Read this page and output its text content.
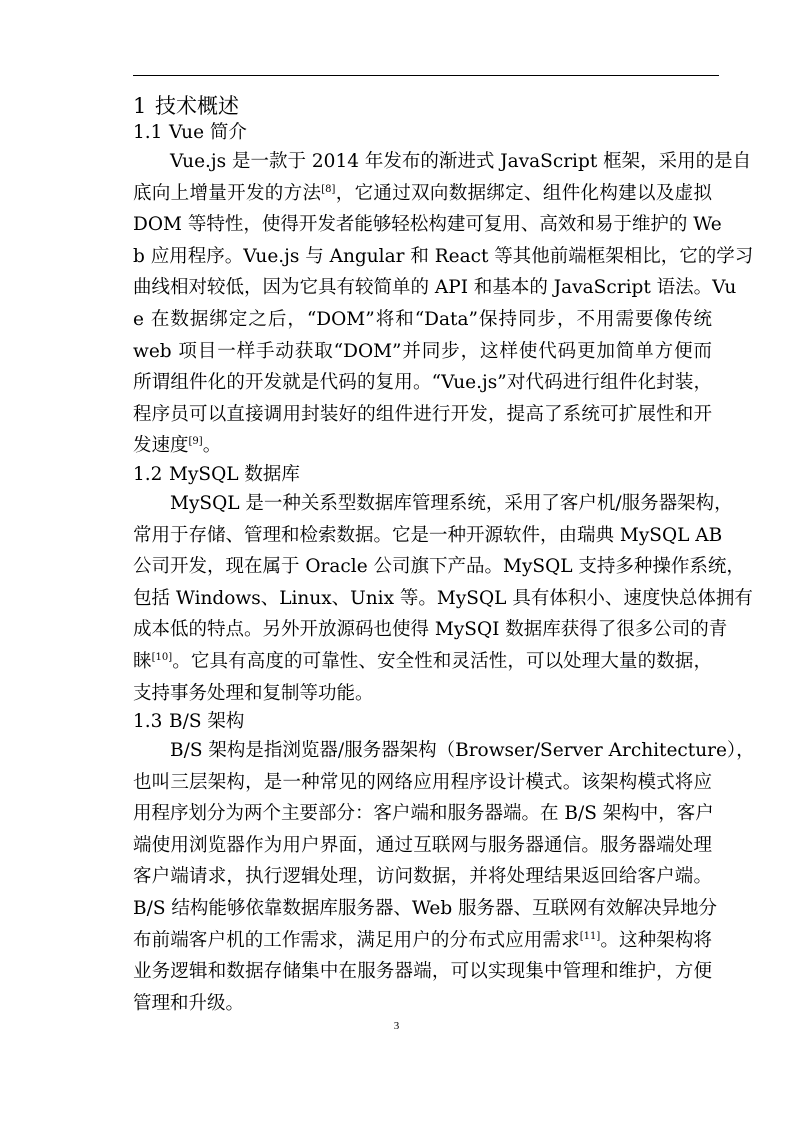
1 技术概述
1.1 Vue 简介
Vue.js 是一款于 2014 年发布的渐进式 JavaScript 框架，采用的是自
底向上增量开发的方法[8]，它通过双向数据绑定、组件化构建以及虚拟
DOM 等特性，使得开发者能够轻松构建可复用、高效和易于维护的 We
b 应用程序。Vue.js 与 Angular 和 React 等其他前端框架相比，它的学习
曲线相对较低，因为它具有较简单的 API 和基本的 JavaScript 语法。Vu
e 在数据绑定之后，“DOM”将和“Data”保持同步，不用需要像传统
web 项目一样手动获取“DOM”并同步，这样使代码更加简单方便而
所谓组件化的开发就是代码的复用。“Vue.js”对代码进行组件化封装，
程序员可以直接调用封装好的组件进行开发，提高了系统可扩展性和开
发速度[9]。
1.2 MySQL 数据库
MySQL 是一种关系型数据库管理系统，采用了客户机/服务器架构，
常用于存储、管理和检索数据。它是一种开源软件，由瑞典 MySQL AB
公司开发，现在属于 Oracle 公司旗下产品。MySQL 支持多种操作系统，
包括 Windows、Linux、Unix 等。MySQL 具有体积小、速度快总体拥有
成本低的特点。另外开放源码也使得 MySQI 数据库获得了很多公司的青
睐[10]。它具有高度的可靠性、安全性和灵活性，可以处理大量的数据，
支持事务处理和复制等功能。
1.3 B/S 架构
B/S 架构是指浏览器/服务器架构（Browser/Server Architecture），
也叫三层架构，是一种常见的网络应用程序设计模式。该架构模式将应
用程序划分为两个主要部分：客户端和服务器端。在 B/S 架构中，客户
端使用浏览器作为用户界面，通过互联网与服务器通信。服务器端处理
客户端请求，执行逻辑处理，访问数据，并将处理结果返回给客户端。
B/S 结构能够依靠数据库服务器、Web 服务器、互联网有效解决异地分
布前端客户机的工作需求，满足用户的分布式应用需求[11]。这种架构将
业务逻辑和数据存储集中在服务器端，可以实现集中管理和维护，方便
管理和升级。
3
